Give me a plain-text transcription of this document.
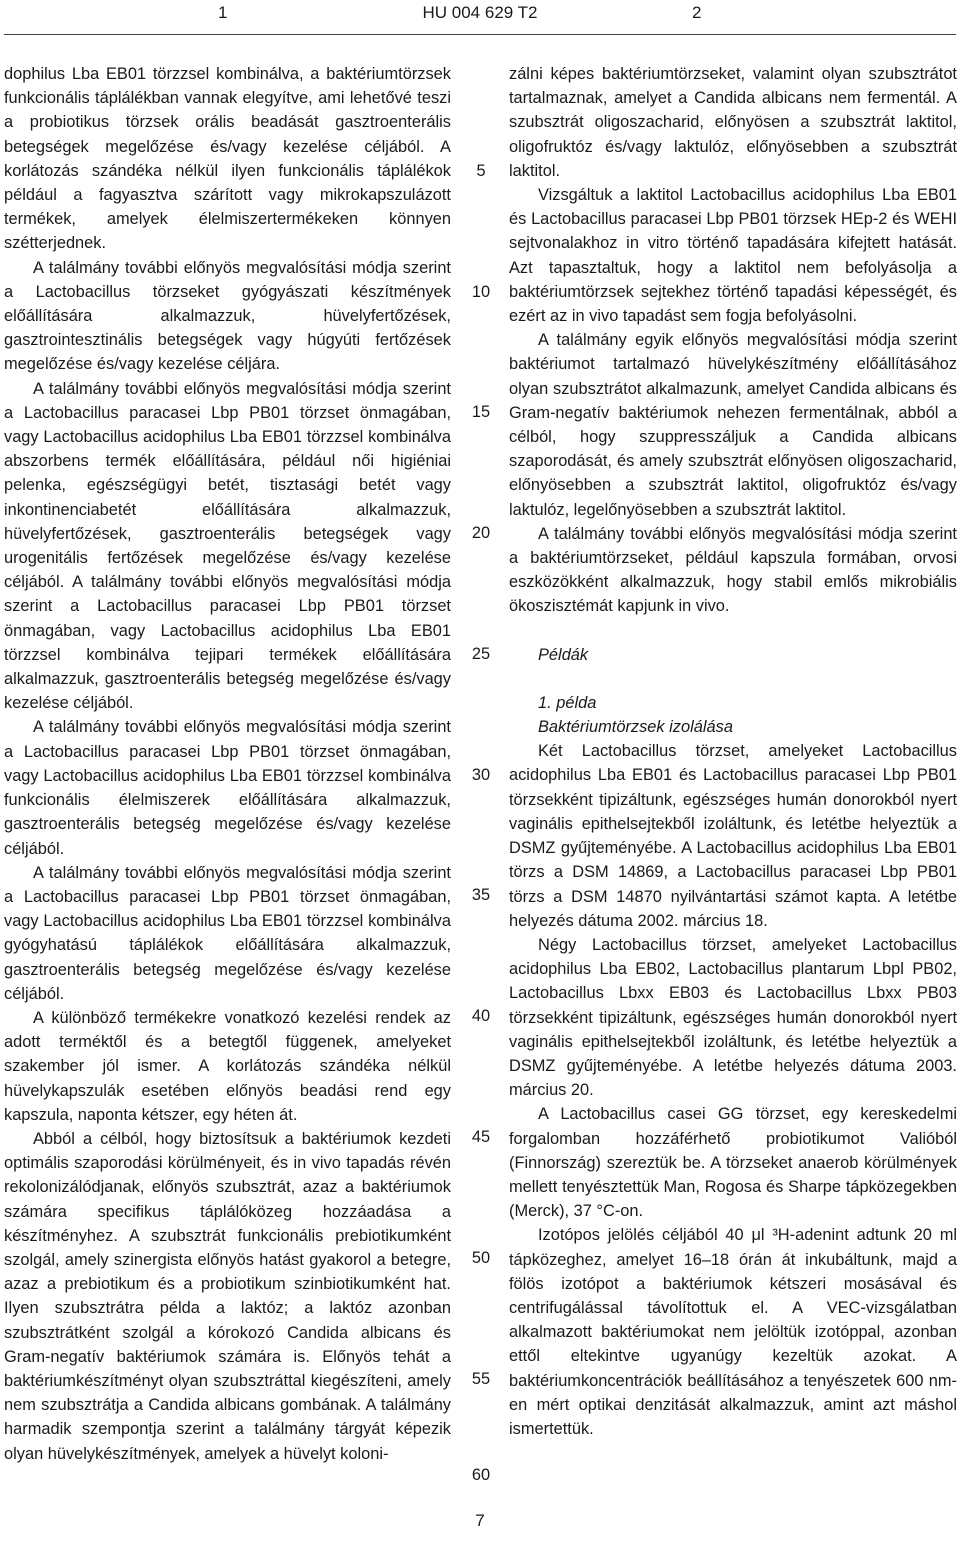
1	HU 004 629 T2	2

dophilus Lba EB01 törzzsel kombinálva, a baktériumtörzsek funkcionális táplálékban vannak elegyítve, ami lehetővé teszi a probiotikus törzsek orális beadását gasztroenterális betegségek megelőzése és/vagy kezelése céljából. A korlátozás szándéka nélkül ilyen funkcionális táplálékok például a fagyasztva szárított vagy mikrokapszulázott termékek, amelyek élelmiszertermékeken könnyen szétterjednek.

A találmány további előnyös megvalósítási módja szerint a Lactobacillus törzseket gyógyászati készítmények előállítására alkalmazzuk, hüvelyfertőzések, gasztrointesztinális betegségek vagy húgyúti fertőzések megelőzése és/vagy kezelése céljára.

A találmány további előnyös megvalósítási módja szerint a Lactobacillus paracasei Lbp PB01 törzset önmagában, vagy Lactobacillus acidophilus Lba EB01 törzzsel kombinálva abszorbens termék előállítására, például női higiéniai pelenka, egészségügyi betét, tisztasági betét vagy inkontinenciabetét előállítására alkalmazzuk, hüvelyfertőzések, gasztroenterális betegségek vagy urogenitális fertőzések megelőzése és/vagy kezelése céljából. A találmány további előnyös megvalósítási módja szerint a Lactobacillus paracasei Lbp PB01 törzset önmagában, vagy Lactobacillus acidophilus Lba EB01 törzzsel kombinálva tejipari termékek előállítására alkalmazzuk, gasztroenterális betegség megelőzése és/vagy kezelése céljából.

A találmány további előnyös megvalósítási módja szerint a Lactobacillus paracasei Lbp PB01 törzset önmagában, vagy Lactobacillus acidophilus Lba EB01 törzzsel kombinálva funkcionális élelmiszerek előállítására alkalmazzuk, gasztroenterális betegség megelőzése és/vagy kezelése céljából.

A találmány további előnyös megvalósítási módja szerint a Lactobacillus paracasei Lbp PB01 törzset önmagában, vagy Lactobacillus acidophilus Lba EB01 törzzsel kombinálva gyógyhatású táplálékok előállítására alkalmazzuk, gasztroenterális betegség megelőzése és/vagy kezelése céljából.

A különböző termékekre vonatkozó kezelési rendek az adott terméktől és a betegtől függenek, amelyeket szakember jól ismer. A korlátozás szándéka nélkül hüvelykapszulák esetében előnyös beadási rend egy kapszula, naponta kétszer, egy héten át.

Abból a célból, hogy biztosítsuk a baktériumok kezdeti optimális szaporodási körülményeit, és in vivo tapadás révén rekolonizálódjanak, előnyös szubsztrát, azaz a baktériumok számára specifikus táplálóközeg hozzáadása a készítményhez. A szubsztrát funkcionális prebiotikumként szolgál, amely szinergista előnyös hatást gyakorol a betegre, azaz a prebiotikum és a probiotikum szinbiotikumként hat. Ilyen szubsztrátra példa a laktóz; a laktóz azonban szubsztrátként szolgál a kórokozó Candida albicans és Gram-negatív baktériumok számára is. Előnyös tehát a baktériumkészítményt olyan szubsztráttal kiegészíteni, amely nem szubsztrátja a Candida albicans gombának. A találmány harmadik szempontja szerint a találmány tárgyát képezik olyan hüvelykészítmények, amelyek a hüvelyt koloni-

5
10
15
20
25
30
35
40
45
50
55
60

zálni képes baktériumtörzseket, valamint olyan szubsztrátot tartalmaznak, amelyet a Candida albicans nem fermentál. A szubsztrát oligoszacharid, előnyösen a szubsztrát laktitol, oligofruktóz és/vagy laktulóz, előnyösebben a szubsztrát laktitol.

Vizsgáltuk a laktitol Lactobacillus acidophilus Lba EB01 és Lactobacillus paracasei Lbp PB01 törzsek HEp-2 és WEHI sejtvonalakhoz in vitro történő tapadására kifejtett hatását. Azt tapasztaltuk, hogy a laktitol nem befolyásolja a baktériumtörzsek sejtekhez történő tapadási képességét, és ezért az in vivo tapadást sem fogja befolyásolni.

A találmány egyik előnyös megvalósítási módja szerint baktériumot tartalmazó hüvelykészítmény előállításához olyan szubsztrátot alkalmazunk, amelyet Candida albicans és Gram-negatív baktériumok nehezen fermentálnak, abból a célból, hogy szuppresszáljuk a Candida albicans szaporodását, és amely szubsztrát előnyösen oligoszacharid, előnyösebben a szubsztrát laktitol, oligofruktóz és/vagy laktulóz, legelőnyösebben a szubsztrát laktitol.

A találmány további előnyös megvalósítási módja szerint a baktériumtörzseket, például kapszula formában, orvosi eszközökként alkalmazzuk, hogy stabil emlős mikrobiális ökoszisztémát kapjunk in vivo.

Példák

1. példa

Baktériumtörzsek izolálása

Két Lactobacillus törzset, amelyeket Lactobacillus acidophilus Lba EB01 és Lactobacillus paracasei Lbp PB01 törzsekként tipizáltunk, egészséges humán donorokból nyert vaginális epithelsejtekből izoláltunk, és letétbe helyeztük a DSMZ gyűjteményébe. A Lactobacillus acidophilus Lba EB01 törzs a DSM 14869, a Lactobacillus paracasei Lbp PB01 törzs a DSM 14870 nyilvántartási számot kapta. A letétbe helyezés dátuma 2002. március 18.

Négy Lactobacillus törzset, amelyeket Lactobacillus acidophilus Lba EB02, Lactobacillus plantarum Lbpl PB02, Lactobacillus Lbxx EB03 és Lactobacillus Lbxx PB03 törzsekként tipizáltunk, egészséges humán donorokból nyert vaginális epithelsejtekből izoláltunk, és letétbe helyeztük a DSMZ gyűjteményébe. A letétbe helyezés dátuma 2003. március 20.

A Lactobacillus casei GG törzset, egy kereskedelmi forgalomban hozzáférhető probiotikumot Valióból (Finnország) szereztük be. A törzseket anaerob körülmények mellett tenyésztettük Man, Rogosa és Sharpe tápközegekben (Merck), 37 °C-on.

Izotópos jelölés céljából 40 μl ³H-adenint adtunk 20 ml tápközeghez, amelyet 16–18 órán át inkubáltunk, majd a fölös izotópot a baktériumok kétszeri mosásával és centrifugálással távolítottuk el. A VEC-vizsgálatban alkalmazott baktériumokat nem jelöltük izotóppal, azonban ettől eltekintve ugyanúgy kezeltük azokat. A baktériumkoncentrációk beállításához a tenyészetek 600 nm-en mért optikai denzitását alkalmazzuk, amint azt máshol ismertettük.

7
